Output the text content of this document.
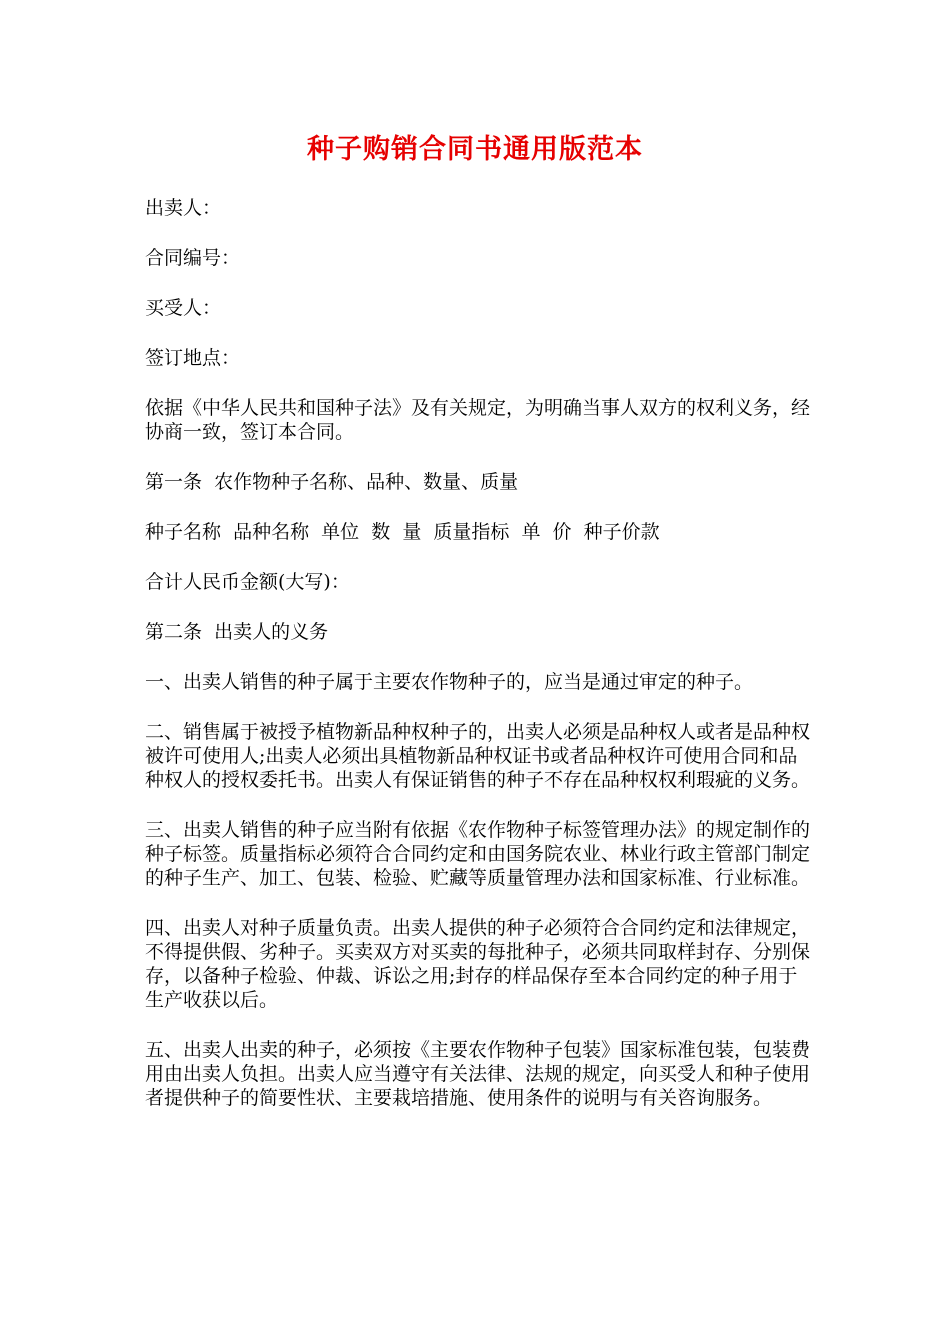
种子购销合同书通用版范本

出卖人：

合同编号：

买受人：

签订地点：

依据《中华人民共和国种子法》及有关规定，为明确当事人双方的权利义务，经协商一致，签订本合同。

第一条  农作物种子名称、品种、数量、质量

种子名称  品种名称  单位  数  量  质量指标  单  价  种子价款

合计人民币金额(大写)：

第二条  出卖人的义务

一、出卖人销售的种子属于主要农作物种子的，应当是通过审定的种子。

二、销售属于被授予植物新品种权种子的，出卖人必须是品种权人或者是品种权被许可使用人;出卖人必须出具植物新品种权证书或者品种权许可使用合同和品种权人的授权委托书。出卖人有保证销售的种子不存在品种权权利瑕疵的义务。

三、出卖人销售的种子应当附有依据《农作物种子标签管理办法》的规定制作的种子标签。质量指标必须符合合同约定和由国务院农业、林业行政主管部门制定的种子生产、加工、包装、检验、贮藏等质量管理办法和国家标准、行业标准。

四、出卖人对种子质量负责。出卖人提供的种子必须符合合同约定和法律规定，不得提供假、劣种子。买卖双方对买卖的每批种子，必须共同取样封存、分别保存，以备种子检验、仲裁、诉讼之用;封存的样品保存至本合同约定的种子用于生产收获以后。

五、出卖人出卖的种子，必须按《主要农作物种子包装》国家标准包装，包装费用由出卖人负担。出卖人应当遵守有关法律、法规的规定，向买受人和种子使用者提供种子的简要性状、主要栽培措施、使用条件的说明与有关咨询服务。
